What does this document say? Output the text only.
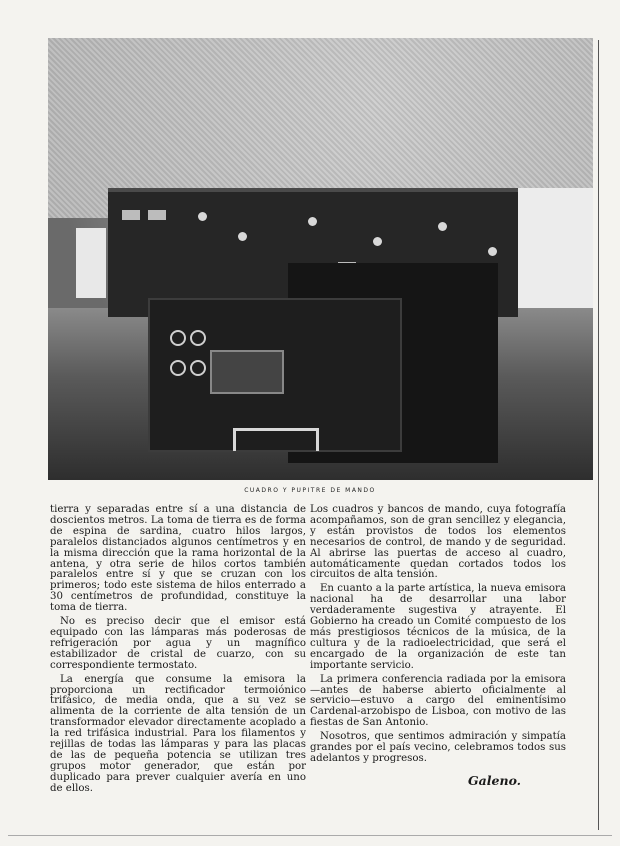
CUADRO Y PUPITRE DE MANDO

tierra y separadas entre sí a una distancia de doscientos metros. La toma de tierra es de forma de espina de sardina, cuatro hilos largos, paralelos distanciados algunos centímetros y en la misma dirección que la rama horizontal de la antena, y otra serie de hilos cortos también paralelos entre sí y que se cruzan con los primeros; todo este sistema de hilos enterrado a 30 centímetros de profundidad, constituye la toma de tierra.

No es preciso decir que el emisor está equipado con las lámparas más poderosas de refrigeración por agua y un magnífico estabilizador de cristal de cuarzo, con su correspondiente termostato.

La energía que consume la emisora la proporciona un rectificador termoiónico trifásico, de media onda, que a su vez se alimenta de la corriente de alta tensión de un transformador elevador directamente acoplado a la red trifásica industrial. Para los filamentos y rejillas de todas las lámparas y para las placas de las de pequeña potencia se utilizan tres grupos motor generador, que están por duplicado para prever cualquier avería en uno de ellos.

Los cuadros y bancos de mando, cuya fotografía acompañamos, son de gran sencillez y elegancia, y están provistos de todos los elementos necesarios de control, de mando y de seguridad. Al abrirse las puertas de acceso al cuadro, automáticamente quedan cortados todos los circuitos de alta tensión.

En cuanto a la parte artística, la nueva emisora nacional ha de desarrollar una labor verdaderamente sugestiva y atrayente. El Gobierno ha creado un Comité compuesto de los más prestigiosos técnicos de la música, de la cultura y de la radioelectricidad, que será el encargado de la organización de este tan importante servicio.

La primera conferencia radiada por la emisora—antes de haberse abierto oficialmente al servicio—estuvo a cargo del eminentísimo Cardenal-arzobispo de Lisboa, con motivo de las fiestas de San Antonio.

Nosotros, que sentimos admiración y simpatía grandes por el país vecino, celebramos todos sus adelantos y progresos.

Galeno.
